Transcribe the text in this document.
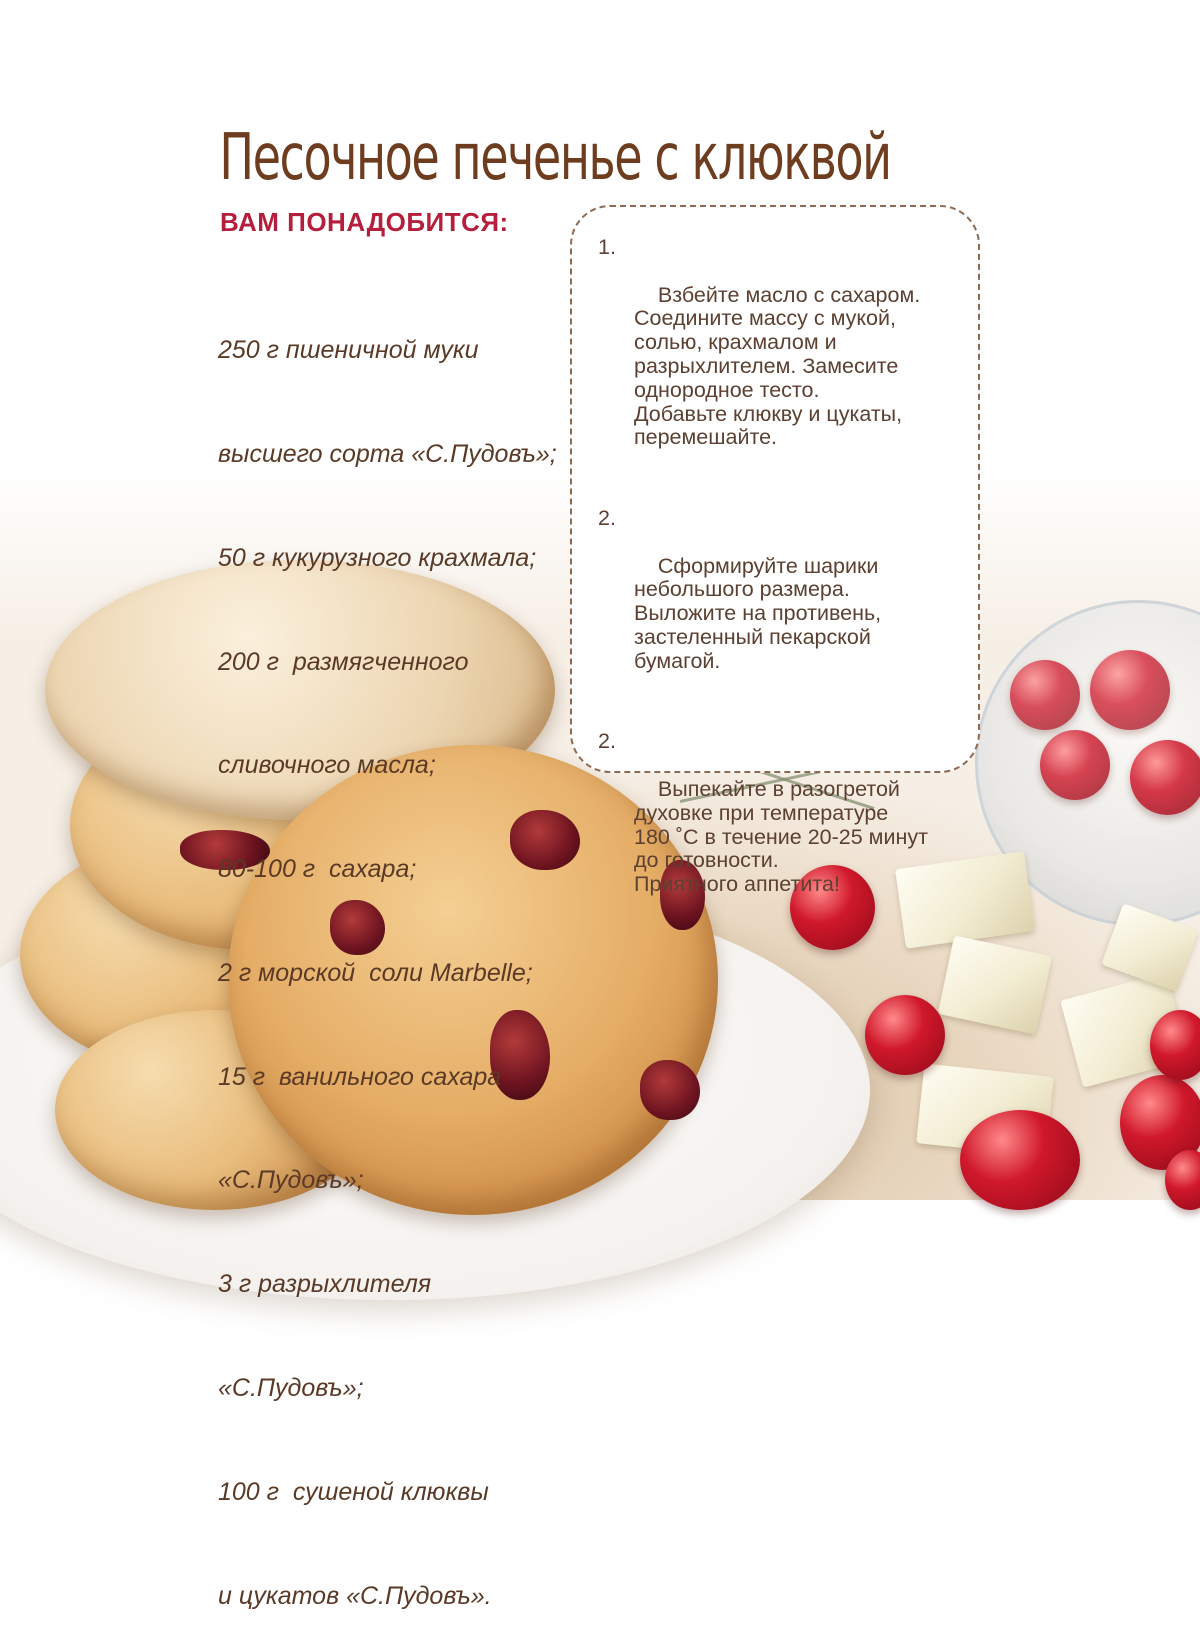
Песочное печенье с клюквой
ВАМ ПОНАДОБИТСЯ:

250 г пшеничной муки

высшего сорта «С.Пудовъ»;

50 г кукурузного крахмала;

200 г  размягченного

сливочного масла;

80-100 г  сахара;

2 г морской  соли Marbelle;

15 г  ванильного сахара

«С.Пудовъ»;

3 г разрыхлителя

«С.Пудовъ»;

100 г  сушеной клюквы

и цукатов «С.Пудовъ».

1.

Взбейте масло с сахаром.
Соедините массу с мукой,
солью, крахмалом и
разрыхлителем. Замесите
однородное тесто.
Добавьте клюкву и цукаты,
перемешайте.

2.

Сформируйте шарики
небольшого размера.
Выложите на противень,
застеленный пекарской
бумагой.

2.

Выпекайте в разогретой
духовке при температуре
180 ˚С в течение 20-25 минут
до готовности.
Приятного аппетита!
